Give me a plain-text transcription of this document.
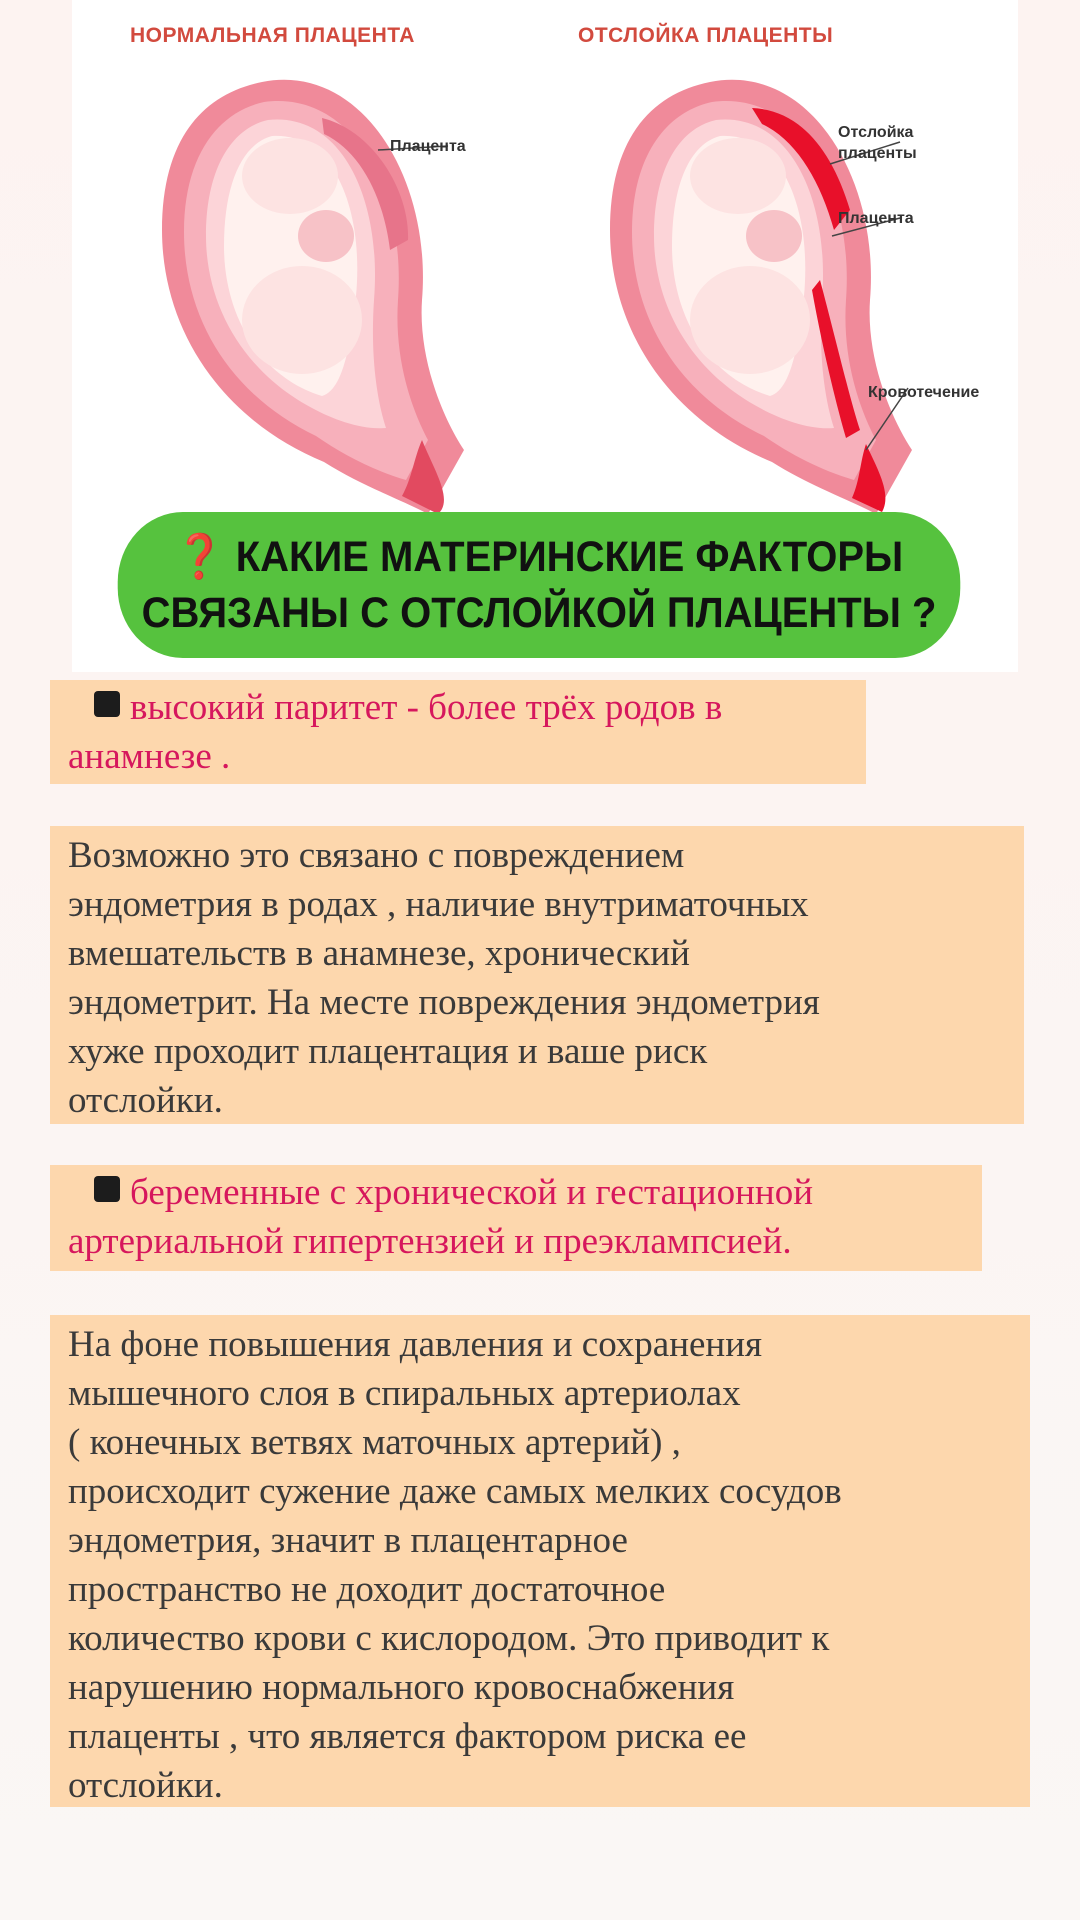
НОРМАЛЬНАЯ ПЛАЦЕНТА	ОТСЛОЙКА ПЛАЦЕНТЫ
Плацента
Отслойка
плаценты
Плацента
Кровотечение
❓ КАКИЕ МАТЕРИНСКИЕ ФАКТОРЫ
СВЯЗАНЫ С ОТСЛОЙКОЙ ПЛАЦЕНТЫ ?
высокий паритет - более трёх родов в
анамнезе .
Возможно это связано с повреждением
эндометрия в родах , наличие внутриматочных
вмешательств в анамнезе, хронический
эндометрит. На месте повреждения эндометрия
хуже проходит плацентация и ваше риск
отслойки.
беременные с хронической и гестационной
артериальной гипертензией и преэклампсией.
На фоне повышения давления и сохранения
мышечного слоя в спиральных артериолах
( конечных ветвях маточных артерий) ,
происходит сужение даже самых мелких сосудов
эндометрия, значит в плацентарное
пространство не доходит достаточное
количество крови с кислородом. Это приводит к
нарушению нормального кровоснабжения
плаценты , что является фактором риска ее
отслойки.
